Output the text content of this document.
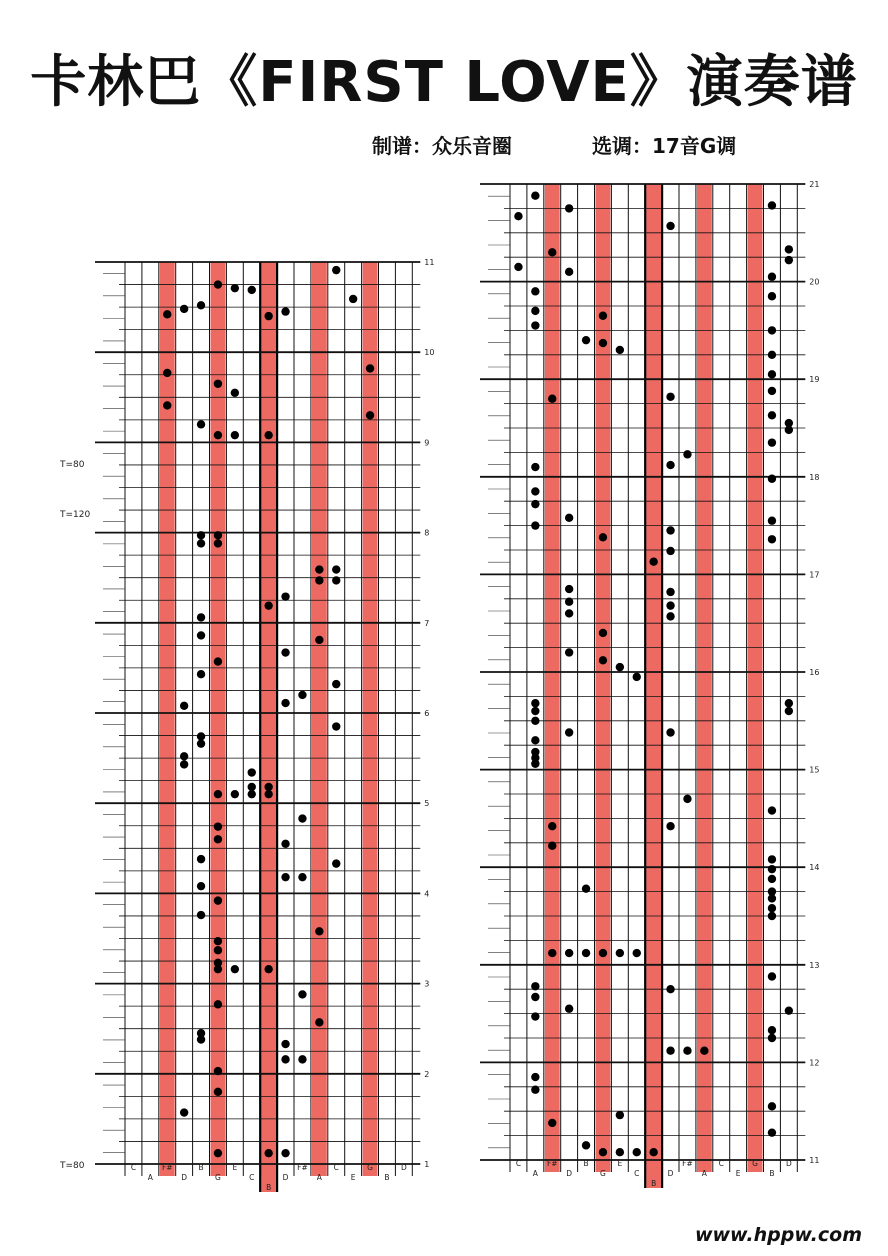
卡林巴《FIRST LOVE》演奏谱
制谱：众乐音圈	选调：17音G调
T=80
T=120
T=80
11
10
9
8
7
6
5
4
3
2
1
C
A
F#
D
B
G
E
C
B
D
F#
A
C
E
G
B
D
21
20
19
18
17
16
15
14
13
12
11
C
A
F#
D
B
G
E
C
B
D
F#
A
C
E
G
B
D
www.hppw.com
